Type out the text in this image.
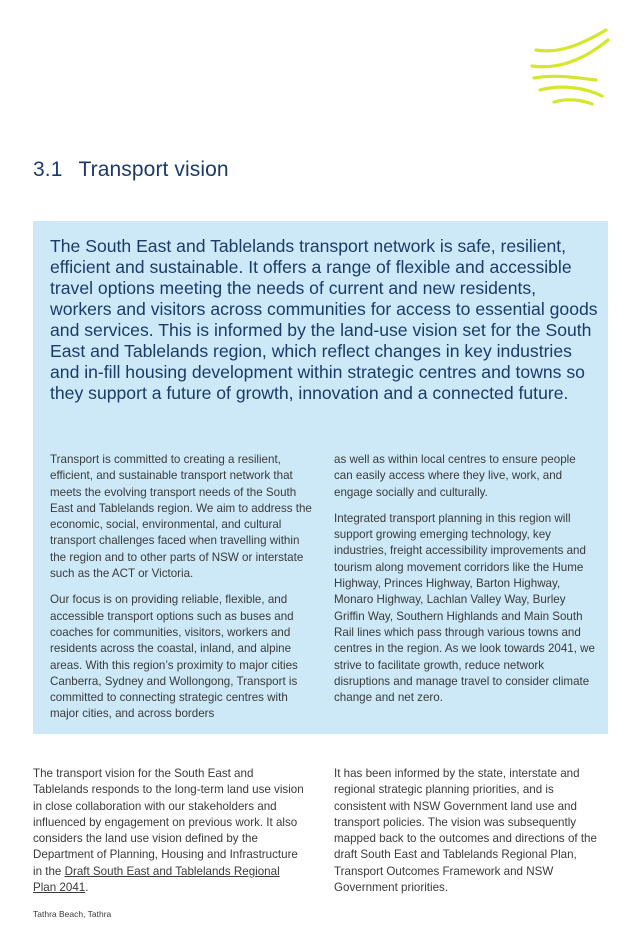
3.1 Transport vision

The South East and Tablelands transport network is safe, resilient, efficient and sustainable. It offers a range of flexible and accessible travel options meeting the needs of current and new residents, workers and visitors across communities for access to essential goods and services. This is informed by the land-use vision set for the South East and Tablelands region, which reflect changes in key industries and in-fill housing development within strategic centres and towns so they support a future of growth, innovation and a connected future.

Transport is committed to creating a resilient, efficient, and sustainable transport network that meets the evolving transport needs of the South East and Tablelands region. We aim to address the economic, social, environmental, and cultural transport challenges faced when travelling within the region and to other parts of NSW or interstate such as the ACT or Victoria.

Our focus is on providing reliable, flexible, and accessible transport options such as buses and coaches for communities, visitors, workers and residents across the coastal, inland, and alpine areas. With this region’s proximity to major cities Canberra, Sydney and Wollongong, Transport is committed to connecting strategic centres with major cities, and across borders

as well as within local centres to ensure people can easily access where they live, work, and engage socially and culturally.

Integrated transport planning in this region will support growing emerging technology, key industries, freight accessibility improvements and tourism along movement corridors like the Hume Highway, Princes Highway, Barton Highway, Monaro Highway, Lachlan Valley Way, Burley Griffin Way, Southern Highlands and Main South Rail lines which pass through various towns and centres in the region. As we look towards 2041, we strive to facilitate growth, reduce network disruptions and manage travel to consider climate change and net zero.

The transport vision for the South East and Tablelands responds to the long-term land use vision in close collaboration with our stakeholders and influenced by engagement on previous work. It also considers the land use vision defined by the Department of Planning, Housing and Infrastructure in the Draft South East and Tablelands Regional Plan 2041.

It has been informed by the state, interstate and regional strategic planning priorities, and is consistent with NSW Government land use and transport policies. The vision was subsequently mapped back to the outcomes and directions of the draft South East and Tablelands Regional Plan, Transport Outcomes Framework and NSW Government priorities.

Tathra Beach, Tathra
